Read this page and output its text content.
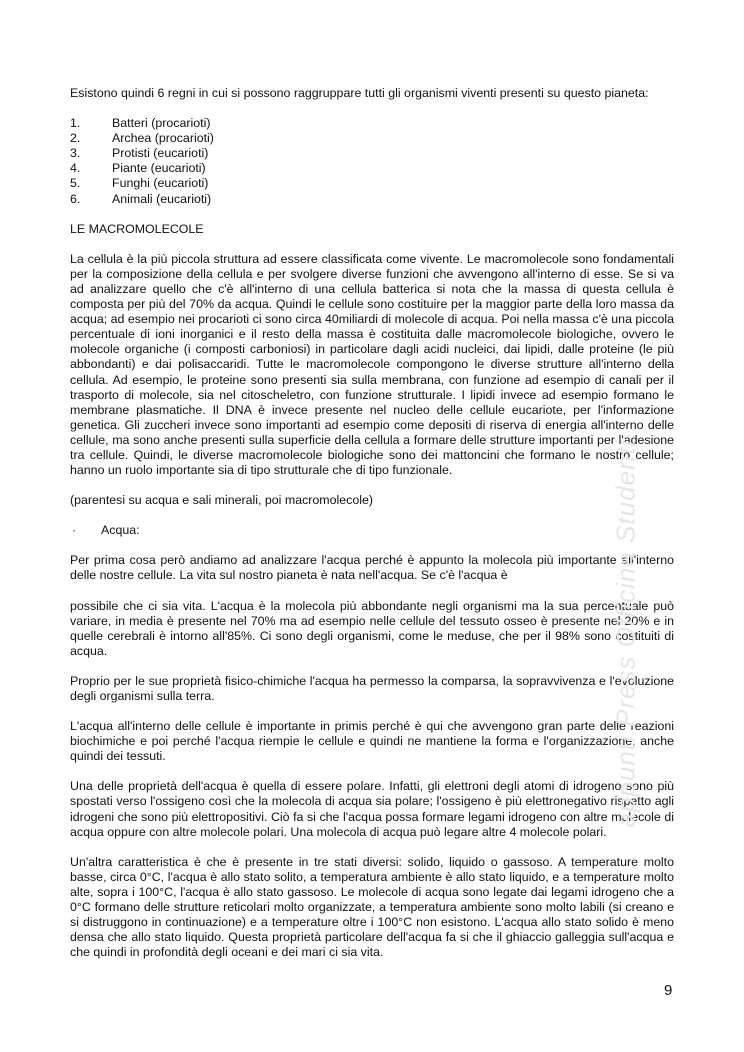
Esistono quindi 6 regni in cui si possono raggruppare tutti gli organismi viventi presenti su questo pianeta:

1.	Batteri (procarioti)
2.	Archea (procarioti)
3.	Protisti (eucarioti)
4.	Piante (eucarioti)
5.	Funghi (eucarioti)
6.	Animali (eucarioti)

LE MACROMOLECOLE

La cellula è la più piccola struttura ad essere classificata come vivente. Le macromolecole sono fondamentali per la composizione della cellula e per svolgere diverse funzioni che avvengono all'interno di esse. Se si va ad analizzare quello che c'è all'interno di una cellula batterica si nota che la massa di questa cellula è composta per più del 70% da acqua. Quindi le cellule sono costituire per la maggior parte della loro massa da acqua; ad esempio nei procarioti ci sono circa 40miliardi di molecole di acqua. Poi nella massa c'è una piccola percentuale di ioni inorganici e il resto della massa è costituita dalle macromolecole biologiche, ovvero le molecole organiche (i composti carboniosi) in particolare dagli acidi nucleici, dai lipidi, dalle proteine (le più abbondanti) e dai polisaccaridi. Tutte le macromolecole compongono le diverse strutture all'interno della cellula. Ad esempio, le proteine sono presenti sia sulla membrana, con funzione ad esempio di canali per il trasporto di molecole, sia nel citoscheletro, con funzione strutturale. I lipidi invece ad esempio formano le membrane plasmatiche. Il DNA è invece presente nel nucleo delle cellule eucariote, per l'informazione genetica. Gli zuccheri invece sono importanti ad esempio come depositi di riserva di energia all'interno delle cellule, ma sono anche presenti sulla superficie della cellula a formare delle strutture importanti per l'adesione tra cellule. Quindi, le diverse macromolecole biologiche sono dei mattoncini che formano le nostro cellule; hanno un ruolo importante sia di tipo strutturale che di tipo funzionale.

(parentesi su acqua e sali minerali, poi macromolecole)

·	Acqua:

Per prima cosa però andiamo ad analizzare l'acqua perché è appunto la molecola più importante all'interno delle nostre cellule. La vita sul nostro pianeta è nata nell'acqua. Se c'è l'acqua è

possibile che ci sia vita. L'acqua è la molecola più abbondante negli organismi ma la sua percentuale può variare, in media è presente nel 70% ma ad esempio nelle cellule del tessuto osseo è presente nel 20% e in quelle cerebrali è intorno all'85%. Ci sono degli organismi, come le meduse, che per il 98% sono costituiti di acqua.

Proprio per le sue proprietà fisico-chimiche l'acqua ha permesso la comparsa, la sopravvivenza e l'evoluzione degli organismi sulla terra.

L'acqua all'interno delle cellule è importante in primis perché è qui che avvengono gran parte delle reazioni biochimiche e poi perché l'acqua riempie le cellule e quindi ne mantiene la forma e l'organizzazione, anche quindi dei tessuti.

Una delle proprietà dell'acqua è quella di essere polare. Infatti, gli elettroni degli atomi di idrogeno sono più spostati verso l'ossigeno così che la molecola di acqua sia polare; l'ossigeno è più elettronegativo rispetto agli idrogeni che sono più elettropositivi. Ciò fa si che l'acqua possa formare legami idrogeno con altre molecole di acqua oppure con altre molecole polari. Una molecola di acqua può legare altre 4 molecole polari.

Un'altra caratteristica è che è presente in tre stati diversi: solido, liquido o gassoso. A temperature molto basse, circa 0°C, l'acqua è allo stato solito, a temperatura ambiente è allo stato liquido, e a temperature molto alte, sopra i 100°C, l'acqua è allo stato gassoso. Le molecole di acqua sono legate dai legami idrogeno che a 0°C formano delle strutture reticolari molto organizzate, a temperatura ambiente sono molto labili (si creano e si distruggono in continuazione) e a temperature oltre i 100°C non esistono. L'acqua allo stato solido è meno densa che allo stato liquido. Questa proprietà particolare dell'acqua fa si che il ghiaccio galleggia sull'acqua e che quindi in profondità degli oceani e dei mari ci sia vita.

appunti Press Officina Studenti
9
